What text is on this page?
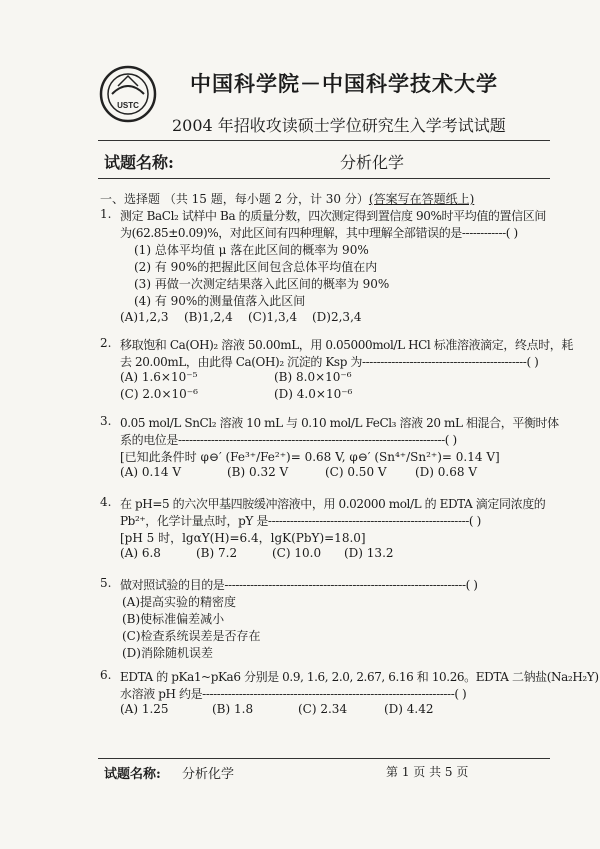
USTC
中国科学院－中国科学技术大学
2004 年招收攻读硕士学位研究生入学考试试题
试题名称:	分析化学
一、选择题 （共 15 题，每小题 2 分，计 30 分）(答案写在答题纸上)
1. 测定 BaCl₂ 试样中 Ba 的质量分数，四次测定得到置信度 90%时平均值的置信区间
为(62.85±0.09)%，对此区间有四种理解，其中理解全部错误的是------------( )
(1) 总体平均值 μ 落在此区间的概率为 90%
(2) 有 90%的把握此区间包含总体平均值在内
(3) 再做一次测定结果落入此区间的概率为 90%
(4) 有 90%的测量值落入此区间
(A)1,2,3 (B)1,2,4 (C)1,3,4 (D)2,3,4
2. 移取饱和 Ca(OH)₂ 溶液 50.00mL，用 0.05000mol/L HCl 标准溶液滴定，终点时，耗
去 20.00mL，由此得 Ca(OH)₂ 沉淀的 Ksp 为---------------------------------------------( )
(A) 1.6×10⁻⁵	(B) 8.0×10⁻⁶
(C) 2.0×10⁻⁶	(D) 4.0×10⁻⁶
3. 0.05 mol/L SnCl₂ 溶液 10 mL 与 0.10 mol/L FeCl₃ 溶液 20 mL 相混合，平衡时体
系的电位是-------------------------------------------------------------------------( )
[已知此条件时 φ⊖′ (Fe³⁺/Fe²⁺)= 0.68 V, φ⊖′ (Sn⁴⁺/Sn²⁺)= 0.14 V]
(A) 0.14 V	(B) 0.32 V	(C) 0.50 V (D) 0.68 V
4. 在 pH=5 的六次甲基四胺缓冲溶液中，用 0.02000 mol/L 的 EDTA 滴定同浓度的
Pb²⁺，化学计量点时，pY 是-------------------------------------------------------( )
[pH 5 时，lgαY(H)=6.4，lgK(PbY)=18.0]
(A) 6.8	(B) 7.2	(C) 10.0 (D) 13.2
5. 做对照试验的目的是------------------------------------------------------------------( )
(A)提高实验的精密度
(B)使标准偏差减小
(C)检查系统误差是否存在
(D)消除随机误差
6. EDTA 的 pKa1~pKa6 分别是 0.9, 1.6, 2.0, 2.67, 6.16 和 10.26。EDTA 二钠盐(Na₂H₂Y)
水溶液 pH 约是---------------------------------------------------------------------( )
(A) 1.25	(B) 1.8	(C) 2.34	(D) 4.42
试题名称: 分析化学	第 1 页 共 5 页
